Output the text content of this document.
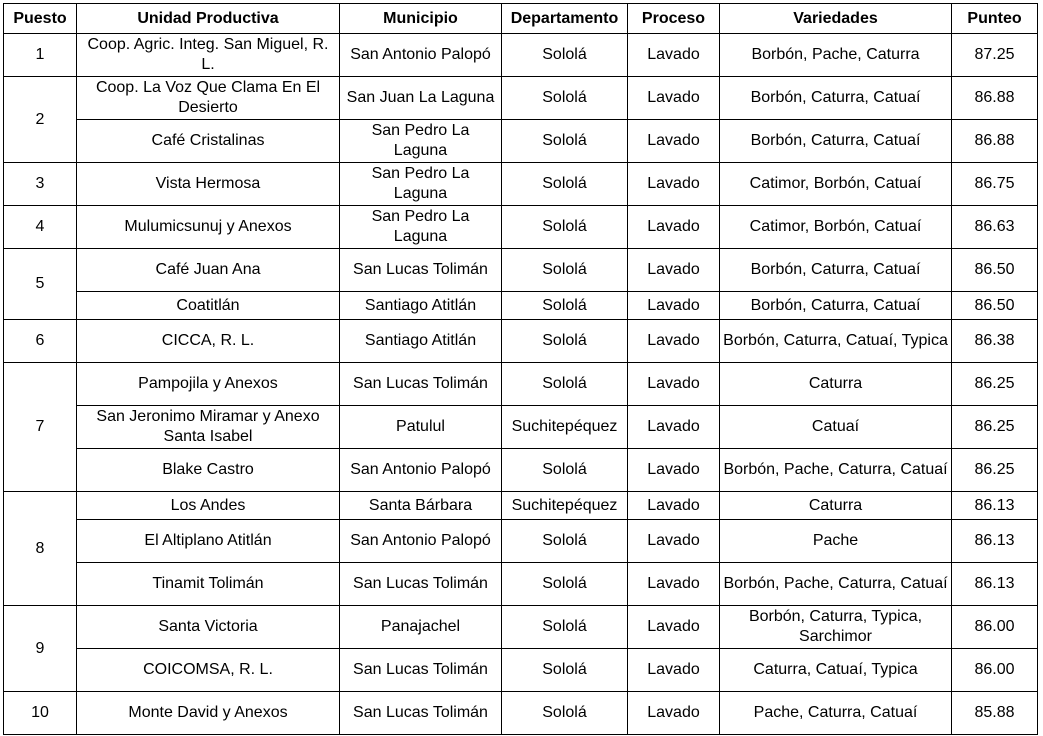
Puesto	Unidad Productiva	Municipio	Departamento	Proceso	Variedades	Punteo
1	Coop. Agric. Integ. San Miguel, R. L.	San Antonio Palopó	Sololá	Lavado	Borbón, Pache, Caturra	87.25
2	Coop. La Voz Que Clama En El Desierto	San Juan La Laguna	Sololá	Lavado	Borbón, Caturra, Catuaí	86.88
	Café Cristalinas	San Pedro La Laguna	Sololá	Lavado	Borbón, Caturra, Catuaí	86.88
3	Vista Hermosa	San Pedro La Laguna	Sololá	Lavado	Catimor, Borbón, Catuaí	86.75
4	Mulumicsunuj y Anexos	San Pedro La Laguna	Sololá	Lavado	Catimor, Borbón, Catuaí	86.63
5	Café Juan Ana	San Lucas Tolimán	Sololá	Lavado	Borbón, Caturra, Catuaí	86.50
	Coatitlán	Santiago Atitlán	Sololá	Lavado	Borbón, Caturra, Catuaí	86.50
6	CICCA, R. L.	Santiago Atitlán	Sololá	Lavado	Borbón, Caturra, Catuaí, Typica	86.38
7	Pampojila y Anexos	San Lucas Tolimán	Sololá	Lavado	Caturra	86.25
	San Jeronimo Miramar y Anexo Santa Isabel	Patulul	Suchitepéquez	Lavado	Catuaí	86.25
	Blake Castro	San Antonio Palopó	Sololá	Lavado	Borbón, Pache, Caturra, Catuaí	86.25
8	Los Andes	Santa Bárbara	Suchitepéquez	Lavado	Caturra	86.13
	El Altiplano Atitlán	San Antonio Palopó	Sololá	Lavado	Pache	86.13
	Tinamit Tolimán	San Lucas Tolimán	Sololá	Lavado	Borbón, Pache, Caturra, Catuaí	86.13
9	Santa Victoria	Panajachel	Sololá	Lavado	Borbón, Caturra, Typica, Sarchimor	86.00
	COICOMSA, R. L.	San Lucas Tolimán	Sololá	Lavado	Caturra, Catuaí, Typica	86.00
10	Monte David y Anexos	San Lucas Tolimán	Sololá	Lavado	Pache, Caturra, Catuaí	85.88
